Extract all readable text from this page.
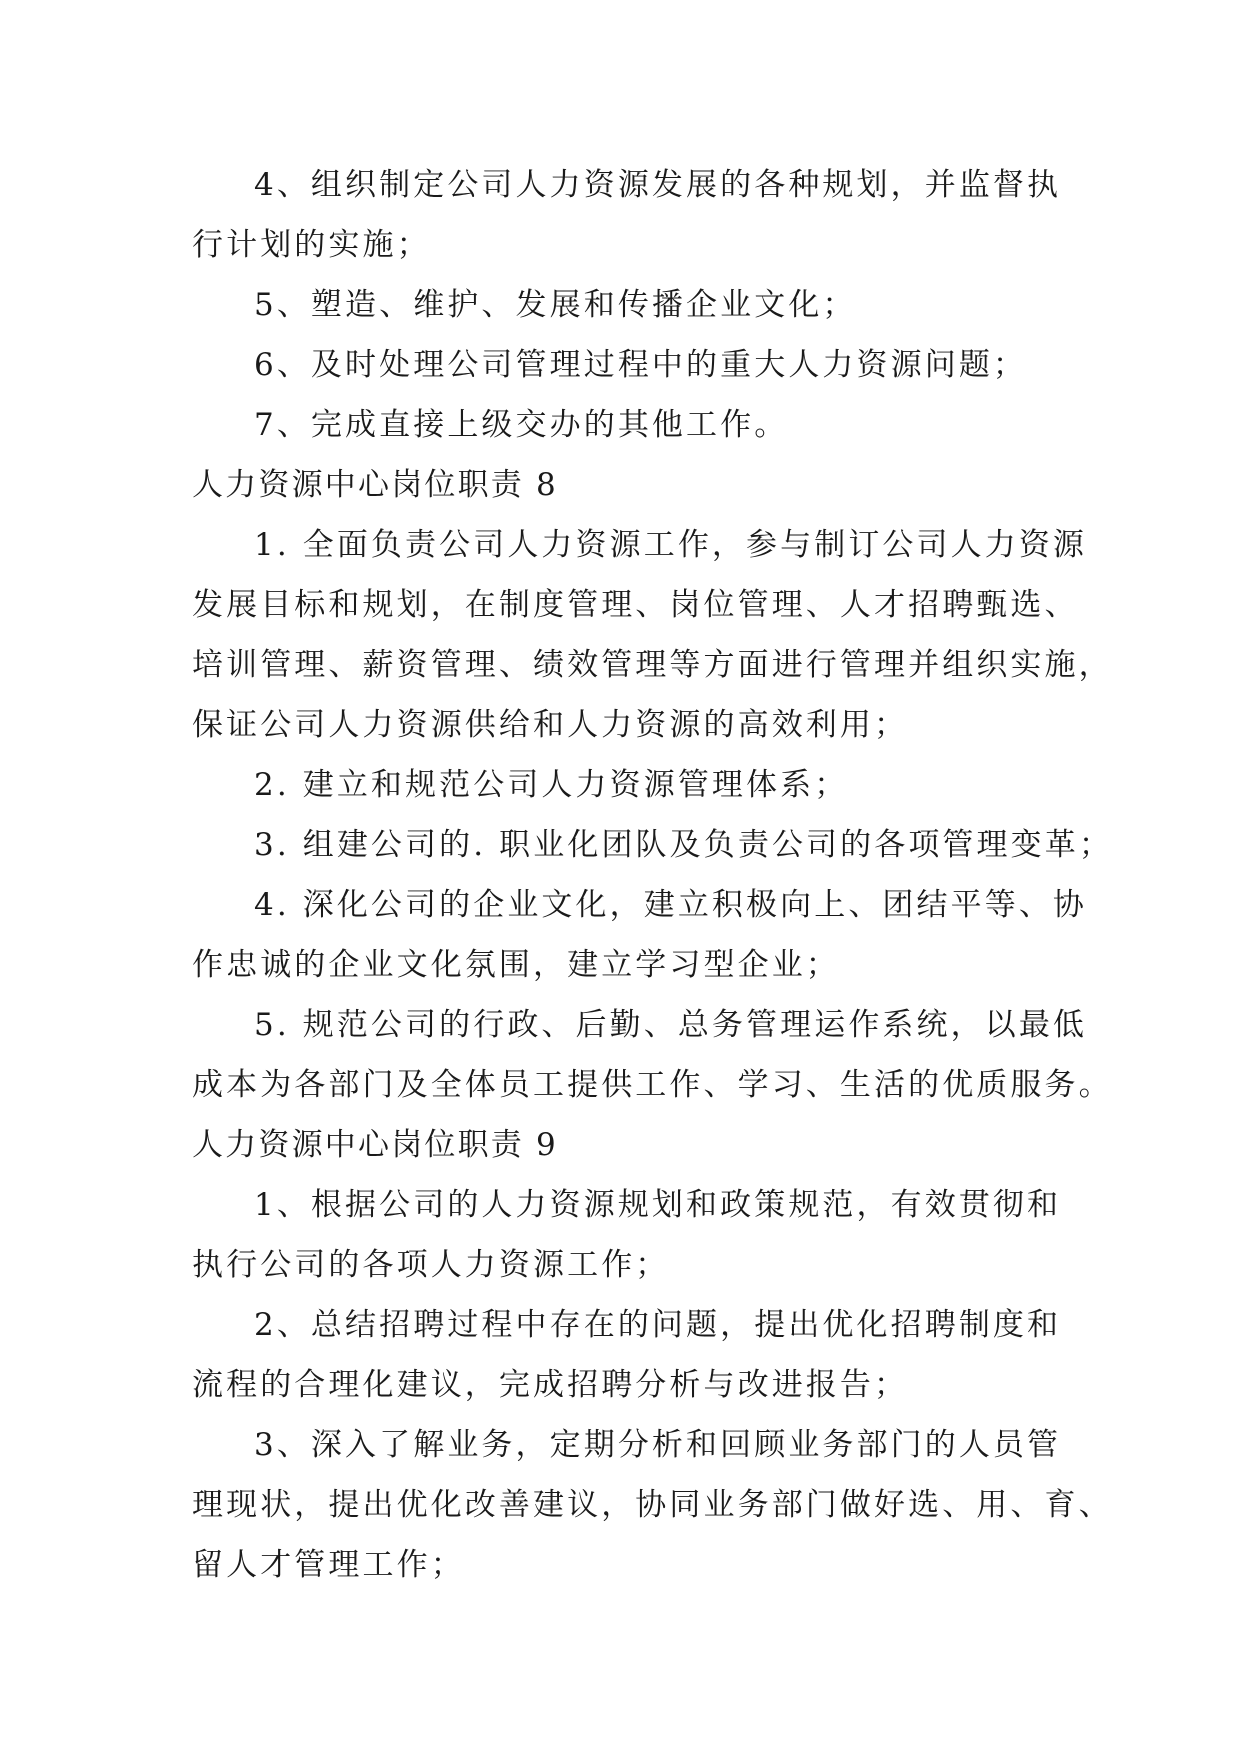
4、组织制定公司人力资源发展的各种规划，并监督执
行计划的实施；
5、塑造、维护、发展和传播企业文化；
6、及时处理公司管理过程中的重大人力资源问题；
7、完成直接上级交办的其他工作。
人力资源中心岗位职责 8
1. 全面负责公司人力资源工作，参与制订公司人力资源
发展目标和规划，在制度管理、岗位管理、人才招聘甄选、
培训管理、薪资管理、绩效管理等方面进行管理并组织实施，
保证公司人力资源供给和人力资源的高效利用；
2. 建立和规范公司人力资源管理体系；
3. 组建公司的. 职业化团队及负责公司的各项管理变革；
4. 深化公司的企业文化，建立积极向上、团结平等、协
作忠诚的企业文化氛围，建立学习型企业；
5. 规范公司的行政、后勤、总务管理运作系统，以最低
成本为各部门及全体员工提供工作、学习、生活的优质服务。
人力资源中心岗位职责 9
1、根据公司的人力资源规划和政策规范，有效贯彻和
执行公司的各项人力资源工作；
2、总结招聘过程中存在的问题，提出优化招聘制度和
流程的合理化建议，完成招聘分析与改进报告；
3、深入了解业务，定期分析和回顾业务部门的人员管
理现状，提出优化改善建议，协同业务部门做好选、用、育、
留人才管理工作；
